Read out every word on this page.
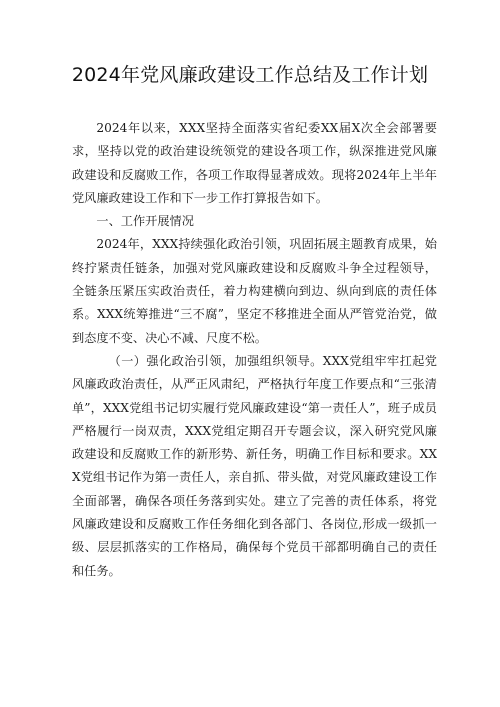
2024年党风廉政建设工作总结及工作计划

2024年以来，XXX坚持全面落实省纪委XX届X次全会部署要求，坚持以党的政治建设统领党的建设各项工作，纵深推进党风廉政建设和反腐败工作，各项工作取得显著成效。现将2024年上半年党风廉政建设工作和下一步工作打算报告如下。

一、工作开展情况

2024年，XXX持续强化政治引领，巩固拓展主题教育成果，始终拧紧责任链条，加强对党风廉政建设和反腐败斗争全过程领导，全链条压紧压实政治责任，着力构建横向到边、纵向到底的责任体系。XXX统筹推进“三不腐”，坚定不移推进全面从严管党治党，做到态度不变、决心不减、尺度不松。

（一）强化政治引领，加强组织领导。XXX党组牢牢扛起党风廉政政治责任，从严正风肃纪，严格执行年度工作要点和“三张清单”，XXX党组书记切实履行党风廉政建设“第一责任人”，班子成员严格履行一岗双责，XXX党组定期召开专题会议，深入研究党风廉政建设和反腐败工作的新形势、新任务，明确工作目标和要求。XXX党组书记作为第一责任人，亲自抓、带头做，对党风廉政建设工作全面部署，确保各项任务落到实处。建立了完善的责任体系，将党风廉政建设和反腐败工作任务细化到各部门、各岗位,形成一级抓一级、层层抓落实的工作格局，确保每个党员干部都明确自己的责任和任务。
